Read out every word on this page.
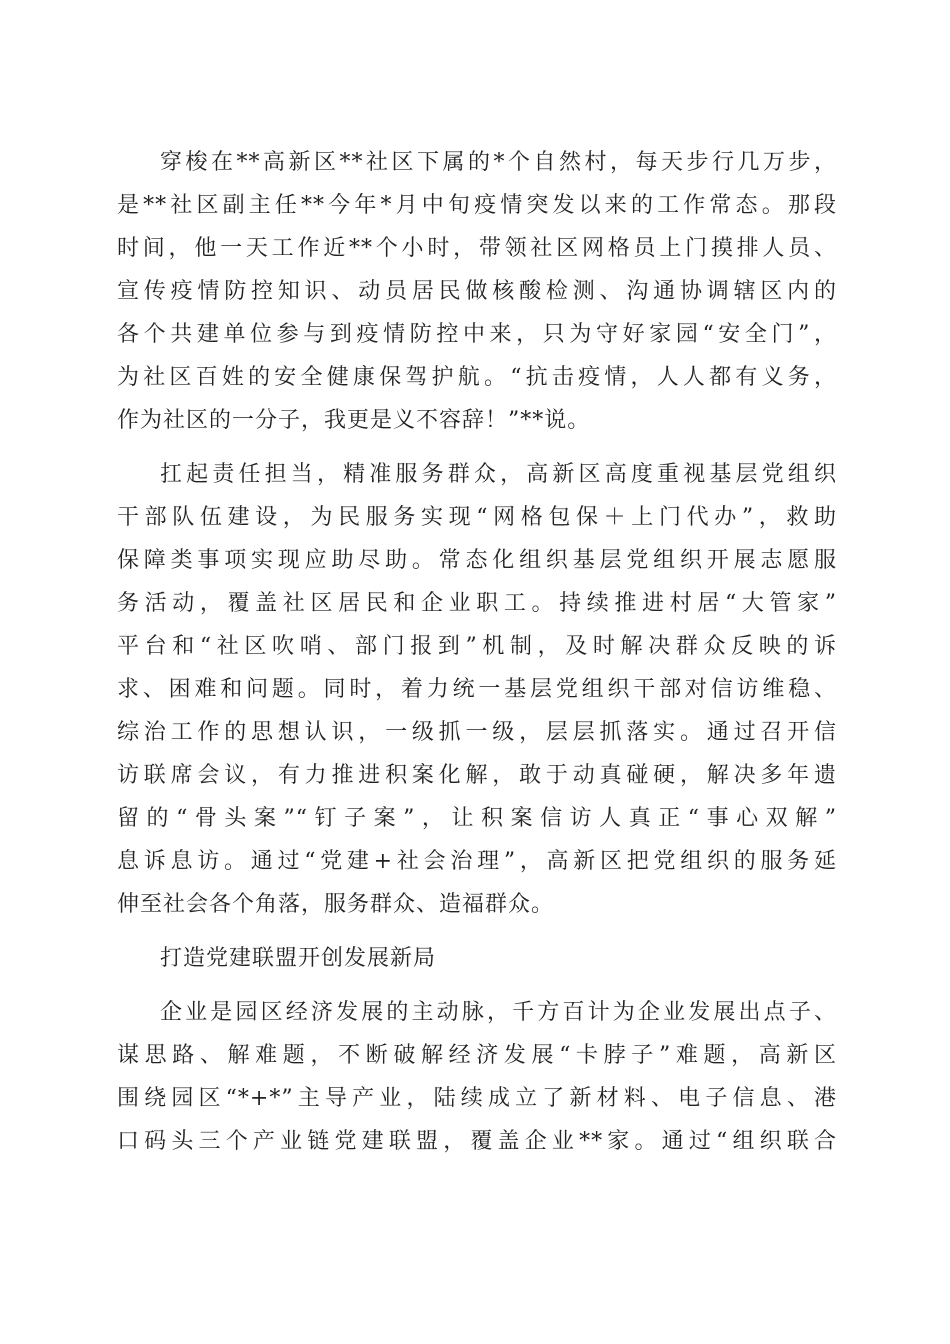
穿梭在**高新区**社区下属的*个自然村，每天步行几万步，
是**社区副主任**今年*月中旬疫情突发以来的工作常态。那段
时间，他一天工作近**个小时，带领社区网格员上门摸排人员、
宣传疫情防控知识、动员居民做核酸检测、沟通协调辖区内的
各个共建单位参与到疫情防控中来，只为守好家园“安全门”，
为社区百姓的安全健康保驾护航。“抗击疫情，人人都有义务，
作为社区的一分子，我更是义不容辞！”**说。
扛起责任担当，精准服务群众，高新区高度重视基层党组织
干部队伍建设，为民服务实现“网格包保＋上门代办”，救助
保障类事项实现应助尽助。常态化组织基层党组织开展志愿服
务活动，覆盖社区居民和企业职工。持续推进村居“大管家”
平台和“社区吹哨、部门报到”机制，及时解决群众反映的诉
求、困难和问题。同时，着力统一基层党组织干部对信访维稳、
综治工作的思想认识，一级抓一级，层层抓落实。通过召开信
访联席会议，有力推进积案化解，敢于动真碰硬，解决多年遗
留的“骨头案”“钉子案”，让积案信访人真正“事心双解”
息诉息访。通过“党建+社会治理”，高新区把党组织的服务延
伸至社会各个角落，服务群众、造福群众。
打造党建联盟开创发展新局
企业是园区经济发展的主动脉，千方百计为企业发展出点子、
谋思路、解难题，不断破解经济发展“卡脖子”难题，高新区
围绕园区“*+*”主导产业，陆续成立了新材料、电子信息、港
口码头三个产业链党建联盟，覆盖企业**家。通过“组织联合
